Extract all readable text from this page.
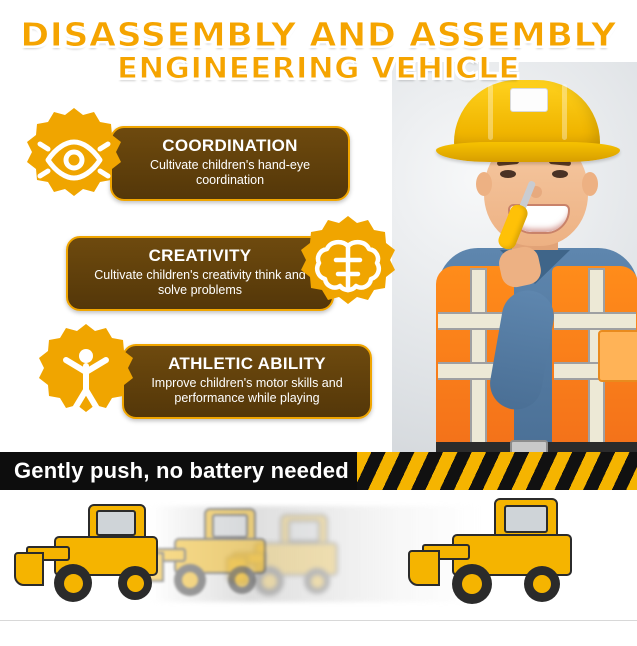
DISASSEMBLY AND ASSEMBLY
ENGINEERING VEHICLE
COORDINATION

Cultivate children's hand-eye coordination

CREATIVITY

Cultivate children's creativity think and solve problems

ATHLETIC ABILITY

Improve children's motor skills and performance while playing

Gently push, no battery needed
